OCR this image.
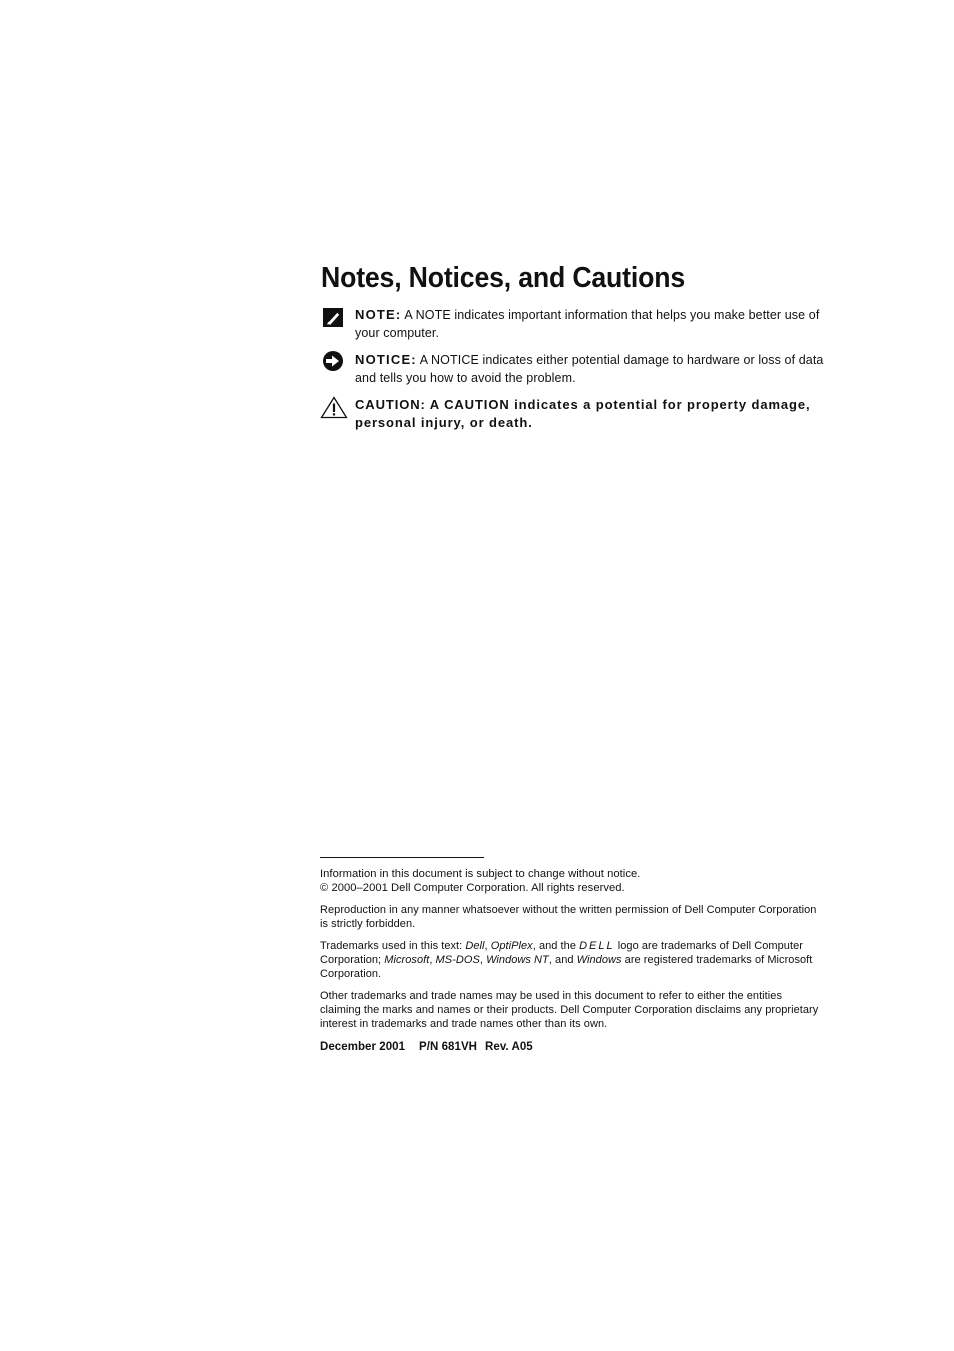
Notes, Notices, and Cautions
NOTE: A NOTE indicates important information that helps you make better use of your computer.
NOTICE: A NOTICE indicates either potential damage to hardware or loss of data and tells you how to avoid the problem.
CAUTION: A CAUTION indicates a potential for property damage, personal injury, or death.

Information in this document is subject to change without notice.

© 2000–2001 Dell Computer Corporation. All rights reserved.

Reproduction in any manner whatsoever without the written permission of Dell Computer Corporation is strictly forbidden.

Trademarks used in this text: Dell, OptiPlex, and the DELL logo are trademarks of Dell Computer Corporation; Microsoft, MS-DOS, Windows NT, and Windows are registered trademarks of Microsoft Corporation.

Other trademarks and trade names may be used in this document to refer to either the entities claiming the marks and names or their products. Dell Computer Corporation disclaims any proprietary interest in trademarks and trade names other than its own.

December 2001 P/N 681VH Rev. A05
